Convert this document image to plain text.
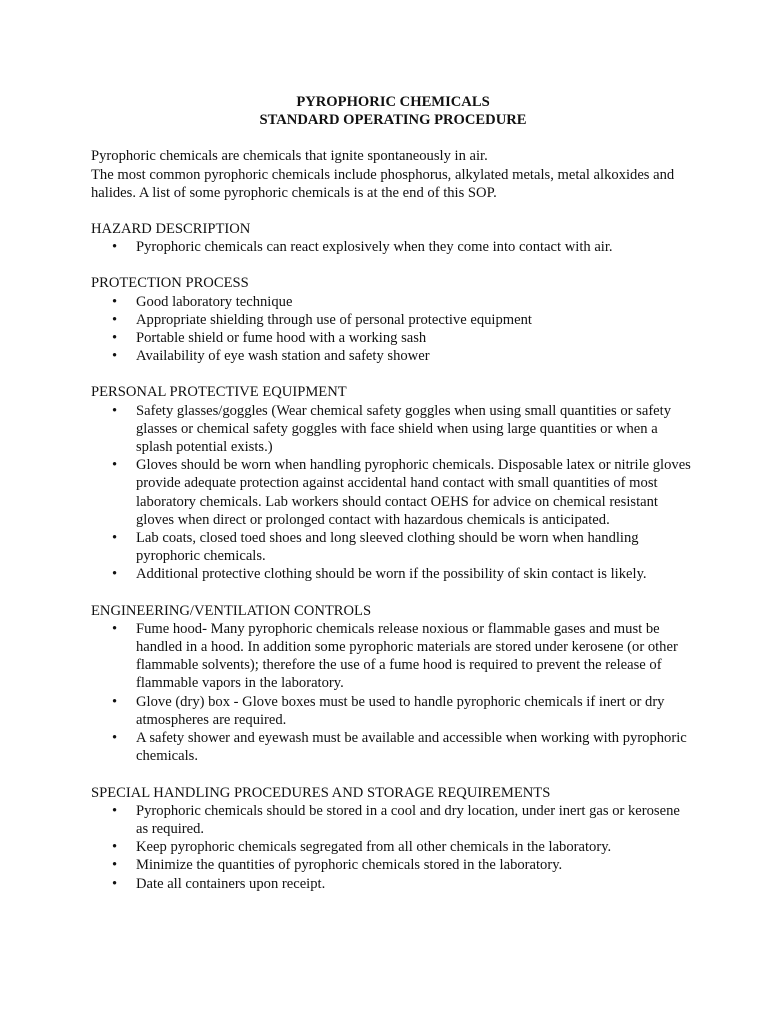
PYROPHORIC CHEMICALS

STANDARD OPERATING PROCEDURE

Pyrophoric chemicals are chemicals that ignite spontaneously in air.

The most common pyrophoric chemicals include phosphorus, alkylated metals, metal alkoxides and halides. A list of some pyrophoric chemicals is at the end of this SOP.

HAZARD DESCRIPTION

• Pyrophoric chemicals can react explosively when they come into contact with air.

PROTECTION PROCESS

• Good laboratory technique
• Appropriate shielding through use of personal protective equipment
• Portable shield or fume hood with a working sash
• Availability of eye wash station and safety shower

PERSONAL PROTECTIVE EQUIPMENT

• Safety glasses/goggles (Wear chemical safety goggles when using small quantities or safety glasses or chemical safety goggles with face shield when using large quantities or when a splash potential exists.)
• Gloves should be worn when handling pyrophoric chemicals. Disposable latex or nitrile gloves provide adequate protection against accidental hand contact with small quantities of most laboratory chemicals. Lab workers should contact OEHS for advice on chemical resistant gloves when direct or prolonged contact with hazardous chemicals is anticipated.
• Lab coats, closed toed shoes and long sleeved clothing should be worn when handling pyrophoric chemicals.
• Additional protective clothing should be worn if the possibility of skin contact is likely.

ENGINEERING/VENTILATION CONTROLS

• Fume hood- Many pyrophoric chemicals release noxious or flammable gases and must be handled in a hood. In addition some pyrophoric materials are stored under kerosene (or other flammable solvents); therefore the use of a fume hood is required to prevent the release of flammable vapors in the laboratory.
• Glove (dry) box - Glove boxes must be used to handle pyrophoric chemicals if inert or dry atmospheres are required.
• A safety shower and eyewash must be available and accessible when working with pyrophoric chemicals.

SPECIAL HANDLING PROCEDURES AND STORAGE REQUIREMENTS

• Pyrophoric chemicals should be stored in a cool and dry location, under inert gas or kerosene as required.
• Keep pyrophoric chemicals segregated from all other chemicals in the laboratory.
• Minimize the quantities of pyrophoric chemicals stored in the laboratory.
• Date all containers upon receipt.
